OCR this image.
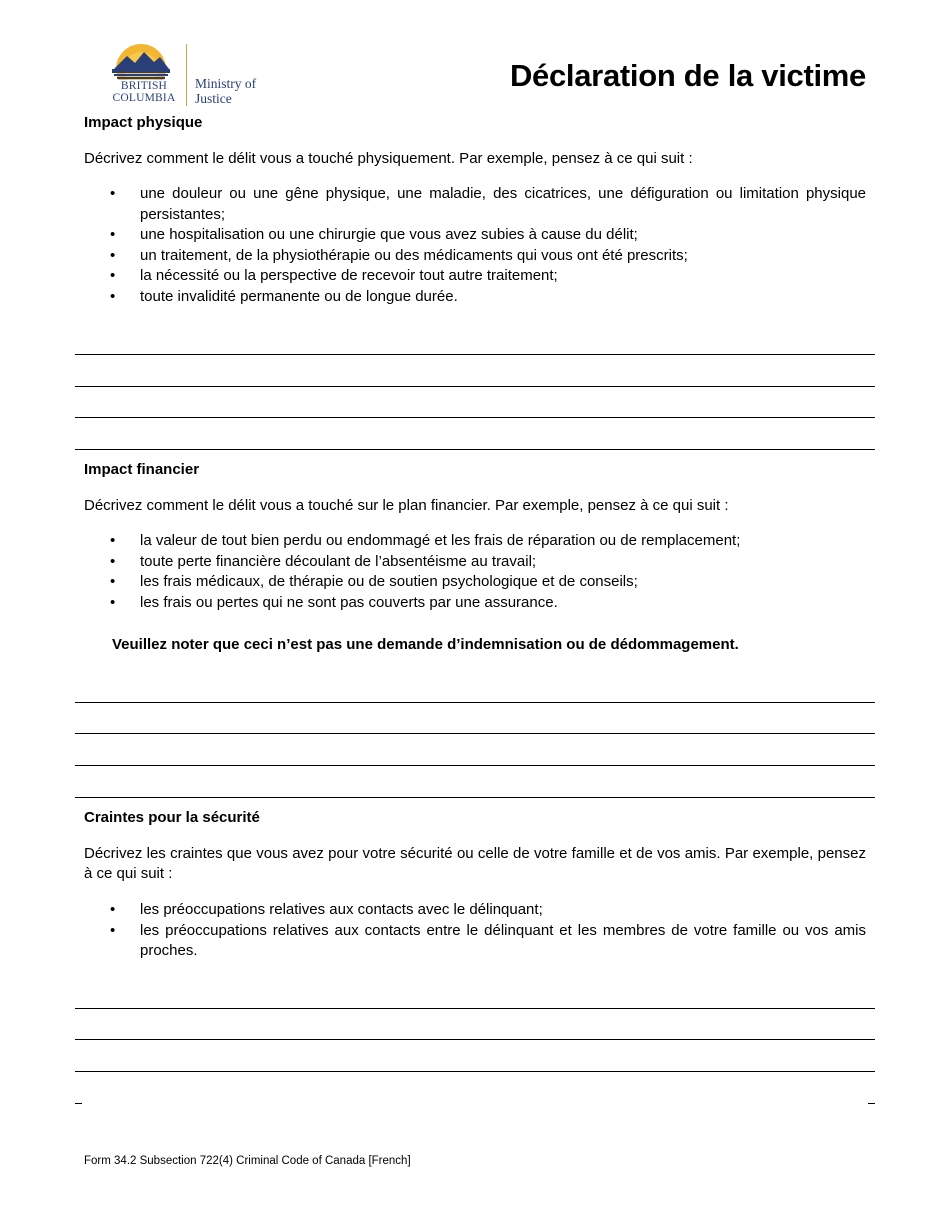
BRITISH
COLUMBIA
Ministry of
Justice
Déclaration de la victime
Impact physique

Décrivez comment le délit vous a touché physiquement. Par exemple, pensez à ce qui suit :

• une douleur ou une gêne physique, une maladie, des cicatrices, une défiguration ou limitation physique persistantes;
• une hospitalisation ou une chirurgie que vous avez subies à cause du délit;
• un traitement, de la physiothérapie ou des médicaments qui vous ont été prescrits;
• la nécessité ou la perspective de recevoir tout autre traitement;
• toute invalidité permanente ou de longue durée.
Impact financier

Décrivez comment le délit vous a touché sur le plan financier. Par exemple, pensez à ce qui suit :

• la valeur de tout bien perdu ou endommagé et les frais de réparation ou de remplacement;
• toute perte financière découlant de l’absentéisme au travail;
• les frais médicaux, de thérapie ou de soutien psychologique et de conseils;
• les frais ou pertes qui ne sont pas couverts par une assurance.

Veuillez noter que ceci n’est pas une demande d’indemnisation ou de dédommagement.

Craintes pour la sécurité

Décrivez les craintes que vous avez pour votre sécurité ou celle de votre famille et de vos amis. Par exemple, pensez à ce qui suit :

• les préoccupations relatives aux contacts avec le délinquant;
• les préoccupations relatives aux contacts entre le délinquant et les membres de votre famille ou vos amis proches.
Form 34.2 Subsection 722(4) Criminal Code of Canada [French]
